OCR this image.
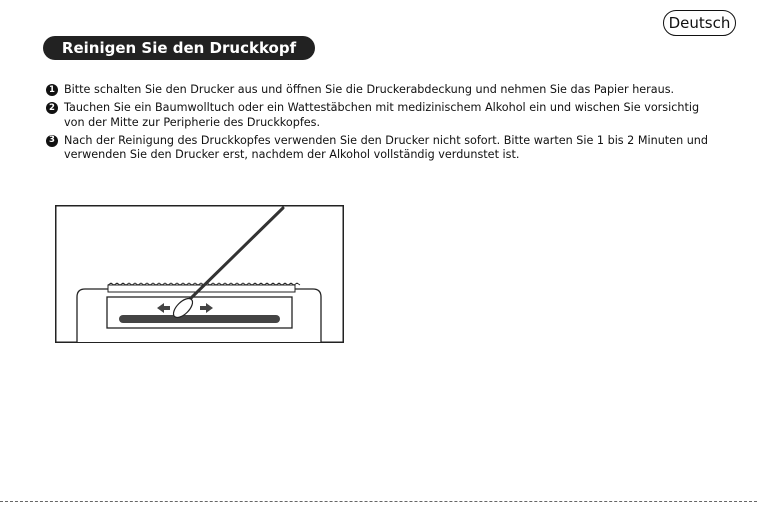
Deutsch
Reinigen Sie den Druckkopf
1 Bitte schalten Sie den Drucker aus und öffnen Sie die Druckerabdeckung und nehmen Sie das Papier heraus.
2 Tauchen Sie ein Baumwolltuch oder ein Wattestäbchen mit medizinischem Alkohol ein und wischen Sie vorsichtig
von der Mitte zur Peripherie des Druckkopfes.
3 Nach der Reinigung des Druckkopfes verwenden Sie den Drucker nicht sofort. Bitte warten Sie 1 bis 2 Minuten und
verwenden Sie den Drucker erst, nachdem der Alkohol vollständig verdunstet ist.
